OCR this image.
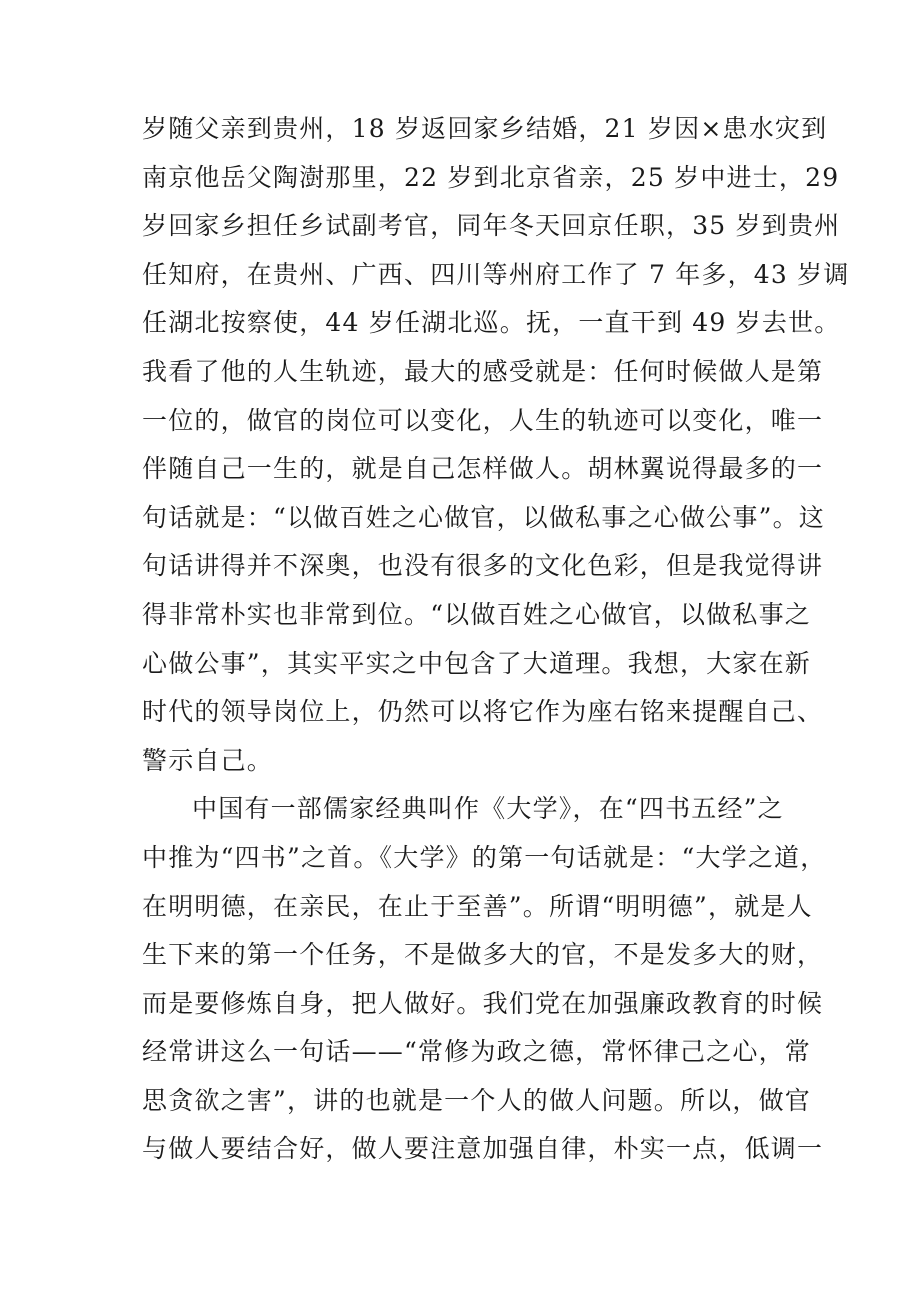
岁随父亲到贵州，18 岁返回家乡结婚，21 岁因×患水灾到
南京他岳父陶澍那里，22 岁到北京省亲，25 岁中进士，29
岁回家乡担任乡试副考官，同年冬天回京任职，35 岁到贵州
任知府，在贵州、广西、四川等州府工作了 7 年多，43 岁调
任湖北按察使，44 岁任湖北巡。抚，一直干到 49 岁去世。
我看了他的人生轨迹，最大的感受就是：任何时候做人是第
一位的，做官的岗位可以变化，人生的轨迹可以变化，唯一
伴随自己一生的，就是自己怎样做人。胡林翼说得最多的一
句话就是：“以做百姓之心做官，以做私事之心做公事”。这
句话讲得并不深奥，也没有很多的文化色彩，但是我觉得讲
得非常朴实也非常到位。“以做百姓之心做官，以做私事之
心做公事”，其实平实之中包含了大道理。我想，大家在新
时代的领导岗位上，仍然可以将它作为座右铭来提醒自己、
警示自己。
中国有一部儒家经典叫作《大学》，在“四书五经”之
中推为“四书”之首。《大学》的第一句话就是：“大学之道，
在明明德，在亲民，在止于至善”。所谓“明明德”，就是人
生下来的第一个任务，不是做多大的官，不是发多大的财，
而是要修炼自身，把人做好。我们党在加强廉政教育的时候
经常讲这么一句话——“常修为政之德，常怀律己之心，常
思贪欲之害”，讲的也就是一个人的做人问题。所以，做官
与做人要结合好，做人要注意加强自律，朴实一点，低调一
